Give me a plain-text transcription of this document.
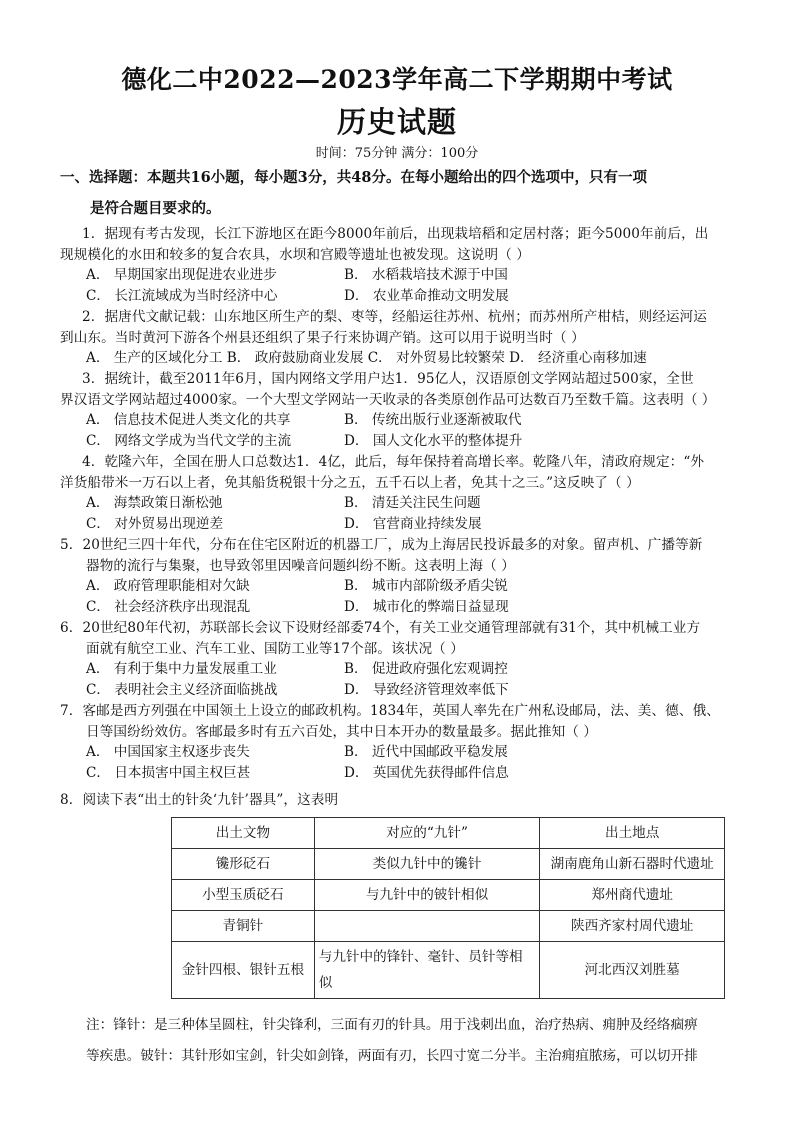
德化二中2022—2023学年高二下学期期中考试
历史试题
时间：75分钟 满分：100分
一、选择题：本题共16小题，每小题3分，共48分。在每小题给出的四个选项中，只有一项
是符合题目要求的。
1．据现有考古发现，长江下游地区在距今8000年前后，出现栽培稻和定居村落；距今5000年前后，出
现规模化的水田和较多的复合农具，水坝和宫殿等遗址也被发现。这说明（ ）
A． 早期国家出现促进农业进步	B． 水稻栽培技术源于中国
C． 长江流域成为当时经济中心	D． 农业革命推动文明发展
2．据唐代文献记载：山东地区所生产的梨、枣等，经船运往苏州、杭州；而苏州所产柑桔，则经运河运
到山东。当时黄河下游各个州县还组织了果子行来协调产销。这可以用于说明当时（ ）
A． 生产的区域化分工 B． 政府鼓励商业发展 C． 对外贸易比较繁荣 D． 经济重心南移加速
3．据统计，截至2011年6月，国内网络文学用户达1．95亿人，汉语原创文学网站超过500家，全世
界汉语文学网站超过4000家。一个大型文学网站一天收录的各类原创作品可达数百乃至数千篇。这表明（ ）
A． 信息技术促进人类文化的共享	B． 传统出版行业逐渐被取代
C． 网络文学成为当代文学的主流	D． 国人文化水平的整体提升
4．乾隆六年，全国在册人口总数达1．4亿，此后，每年保持着高增长率。乾隆八年，清政府规定：“外
洋货船带米一万石以上者，免其船货税银十分之五，五千石以上者，免其十之三。”这反映了（ ）
A． 海禁政策日渐松弛	B． 清廷关注民生问题
C． 对外贸易出现逆差	D． 官营商业持续发展
5．20世纪三四十年代，分布在住宅区附近的机器工厂，成为上海居民投诉最多的对象。留声机、广播等新
器物的流行与集聚，也导致邻里因噪音问题纠纷不断。这表明上海（ ）
A． 政府管理职能相对欠缺	B． 城市内部阶级矛盾尖锐
C． 社会经济秩序出现混乱	D． 城市化的弊端日益显现
6．20世纪80年代初，苏联部长会议下设财经部委74个，有关工业交通管理部就有31个，其中机械工业方
面就有航空工业、汽车工业、国防工业等17个部。该状况（ ）
A． 有利于集中力量发展重工业	B． 促进政府强化宏观调控
C． 表明社会主义经济面临挑战	D． 导致经济管理效率低下
7．客邮是西方列强在中国领土上设立的邮政机构。1834年，英国人率先在广州私设邮局，法、美、德、俄、
日等国纷纷效仿。客邮最多时有五六百处，其中日本开办的数量最多。据此推知（ ）
A． 中国国家主权逐步丧失	B． 近代中国邮政平稳发展
C． 日本损害中国主权巨甚	D． 英国优先获得邮件信息
8．阅读下表“出土的针灸‘九针’器具”，这表明
出土文物	对应的“九针”	出土地点
镵形砭石	类似九针中的镵针	湖南鹿角山新石器时代遗址
小型玉质砭石	与九针中的铍针相似	郑州商代遗址
青铜针		陕西齐家村周代遗址
金针四根、银针五根	与九针中的锋针、毫针、员针等相似	河北西汉刘胜墓
注：锋针：是三种体呈圆柱，针尖锋利，三面有刃的针具。用于浅刺出血，治疗热病、痈肿及经络痼痹
等疾患。铍针：其针形如宝剑，针尖如剑锋，两面有刃，长四寸宽二分半。主治痈疽脓疡，可以切开排
